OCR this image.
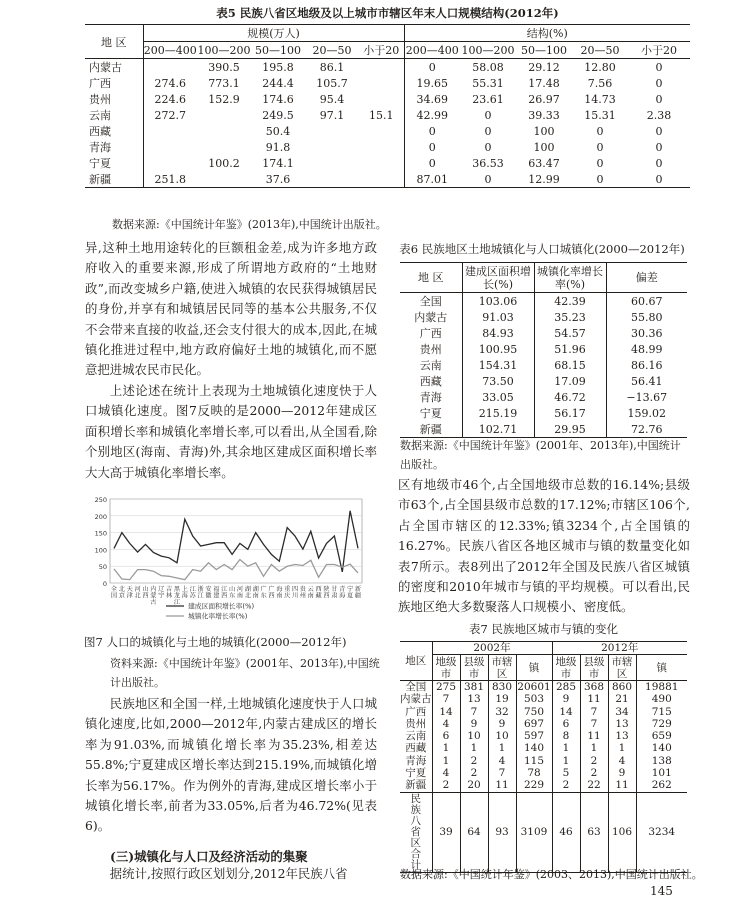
表5 民族八省区地级及以上城市市辖区年末人口规模结构(2012年)
地 区	规模(万人)					结构(%)				
	200—400	100—200	50—100	20—50	小于20	200—400	100—200	50—100	20—50	小于20
内蒙古		390.5	195.8	86.1		0	58.08	29.12	12.80	0
广西	274.6	773.1	244.4	105.7		19.65	55.31	17.48	7.56	0
贵州	224.6	152.9	174.6	95.4		34.69	23.61	26.97	14.73	0
云南	272.7		249.5	97.1	15.1	42.99	0	39.33	15.31	2.38
西藏			50.4			0	0	100	0	0
青海			91.8			0	0	100	0	0
宁夏		100.2	174.1			0	36.53	63.47	0	0
新疆	251.8		37.6			87.01	0	12.99	0	0
数据来源:《中国统计年鉴》(2013年),中国统计出版社。

异,这种土地用途转化的巨额租金差,成为许多地方政府收入的重要来源,形成了所谓地方政府的“土地财政”,而改变城乡户籍,使进入城镇的农民获得城镇居民的身份,并享有和城镇居民同等的基本公共服务,不仅不会带来直接的收益,还会支付很大的成本,因此,在城镇化推进过程中,地方政府偏好土地的城镇化,而不愿意把进城农民市民化。

上述论述在统计上表现为土地城镇化速度快于人口城镇化速度。图7反映的是2000—2012年建成区面积增长率和城镇化率增长率,可以看出,从全国看,除个别地区(海南、青海)外,其余地区建成区面积增长率大大高于城镇化率增长率。

0
50
100
150
200
250
全国
北京
天津
河北
山西
内蒙古
辽宁
吉林
黑龙江
上海
江苏
浙江
安徽
福建
江西
山东
河南
湖北
湖南
广东
广西
海南
重庆
四川
贵州
云南
西藏
陕西
甘肃
青海
宁夏
新疆
建成区面积增长率(%)
城镇化率增长率(%)
图7 人口的城镇化与土地的城镇化(2000—2012年)
资料来源:《中国统计年鉴》(2001年、2013年),中国统计出版社。

民族地区和全国一样,土地城镇化速度快于人口城镇化速度,比如,2000—2012年,内蒙古建成区的增长率为91.03%,而城镇化增长率为35.23%,相差达55.8%;宁夏建成区增长率达到215.19%,而城镇化增长率为56.17%。作为例外的青海,建成区增长率小于城镇化增长率,前者为33.05%,后者为46.72%(见表6)。

(三)城镇化与人口及经济活动的集聚

据统计,按照行政区划划分,2012年民族八省

表6 民族地区土地城镇化与人口城镇化(2000—2012年)
地 区	建成区面积增长(%)	城镇化率增长率(%)	偏差
全国	103.06	42.39	60.67
内蒙古	91.03	35.23	55.80
广西	84.93	54.57	30.36
贵州	100.95	51.96	48.99
云南	154.31	68.15	86.16
西藏	73.50	17.09	56.41
青海	33.05	46.72	−13.67
宁夏	215.19	56.17	159.02
新疆	102.71	29.95	72.76
数据来源:《中国统计年鉴》(2001年、2013年),中国统计出版社。

区有地级市46个,占全国地级市总数的16.14%;县级市63个,占全国县级市总数的17.12%;市辖区106个,占全国市辖区的12.33%;镇3234个,占全国镇的16.27%。民族八省区各地区城市与镇的数量变化如表7所示。表8列出了2012年全国及民族八省区城镇的密度和2010年城市与镇的平均规模。可以看出,民族地区绝大多数聚落人口规模小、密度低。

表7 民族地区城市与镇的变化
地区	2002年				2012年			
	地级市	县级市	市辖区	镇	地级市	县级市	市辖区	镇
全国	275	381	830	20601	285	368	860	19881
内蒙古	7	13	19	503	9	11	21	490
广西	14	7	32	750	14	7	34	715
贵州	4	9	9	697	6	7	13	729
云南	6	10	10	597	8	11	13	659
西藏	1	1	1	140	1	1	1	140
青海	1	2	4	115	1	2	4	138
宁夏	4	2	7	78	5	2	9	101
新疆	2	20	11	229	2	22	11	262
民族八省区合计	39	64	93	3109	46	63	106	3234
数据来源:《中国统计年鉴》(2003、2013),中国统计出版社。
145
